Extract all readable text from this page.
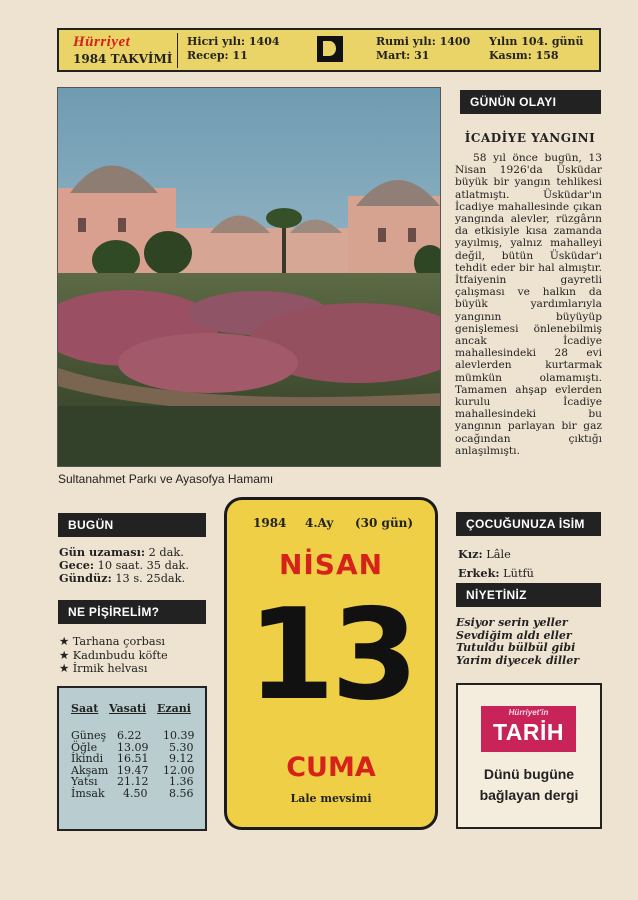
Hürriyet
1984 TAKVİMİ
Hicri yılı: 1404
Recep: 11
Rumi yılı: 1400
Mart: 31
Yılın 104. günü
Kasım: 158
Sultanahmet Parkı ve Ayasofya Hamamı
GÜNÜN OLAYI
İCADİYE YANGINI
58 yıl önce bugün, 13 Nisan 1926'da Üsküdar büyük bir yangın tehlikesi atlatmıştı. Üsküdar'ın İcadiye mahallesinde çıkan yangında alevler, rüzgârın da etkisiyle kısa zamanda yayılmış, yalnız mahalleyi değil, bütün Üsküdar'ı tehdit eder bir hal almıştır. İtfaiyenin gayretli çalışması ve halkın da büyük yardımlarıyla yangının büyüyüp genişlemesi önlenebilmiş ancak İcadiye mahallesindeki 28 evi alevlerden kurtarmak mümkün olamamıştı. Tamamen ahşap evlerden kurulu İcadiye mahallesindeki bu yangının parlayan bir gaz ocağından çıktığı anlaşılmıştı.
BUGÜN
Gün uzaması: 2 dak.
Gece: 10 saat. 35 dak.
Gündüz: 13 s. 25dak.
NE PİŞİRELİM?
★ Tarhana çorbası
★ Kadınbudu köfte
★ İrmik helvası
Saat Vasati Ezani
Güneş 6.22 10.39
Öğle 13.09 5.30
İkindi 16.51 9.12
Akşam 19.47 12.00
Yatsı 21.12 1.36
İmsak 4.50 8.56
1984 4.Ay (30 gün)
NİSAN
13
CUMA
Lale mevsimi
ÇOCUĞUNUZA İSİM
Kız: Lâle
Erkek: Lütfü
NİYETİNİZ
Esiyor serin yeller
Sevdiğim aldı eller
Tutuldu bülbül gibi
Yarim diyecek diller
Hürriyet'in
TARİH
Dünü bugüne
bağlayan dergi
